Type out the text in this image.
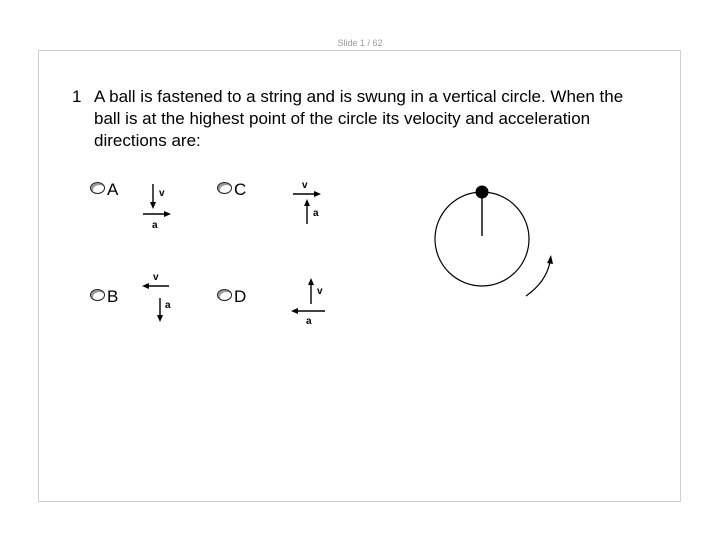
Slide 1 / 62
1 A ball is fastened to a string and is swung in a vertical circle. When the ball is at the highest point of the circle its velocity and acceleration directions are:
A	v
a
C	v
a
B
v
a	D	v
a
